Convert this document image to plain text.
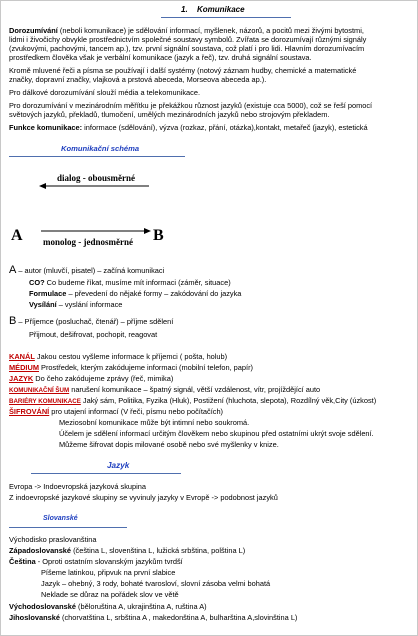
1. Komunikace
Dorozumívání (neboli komunikace) je sdělování informací, myšlenek, názorů, a pocitů mezi živými bytostmi,
lidmi i živočichy obvykle prostřednictvím společné soustavy symbolů. Zvířata se dorozumívají různými signály
(zvukovými, pachovými, tancem ap.), tzv. první signální soustava, což platí i pro lidi. Hlavním dorozumívacím
prostředkem člověka však je verbální komunikace (jazyk a řeč), tzv. druhá signální soustava.
Kromě mluvené řeči a písma se používají i další systémy (notový záznam hudby, chemické a matematické
značky, dopravní značky, vlajková a prstová abeceda, Morseova abeceda ap.).
Pro dálkové dorozumívání slouží média a telekomunikace.
Pro dorozumívání v mezinárodním měřítku je překážkou různost jazyků (existuje cca 5000), což se řeší pomocí
světových jazyků, překladů, tlumočení, umělých mezinárodních jazyků nebo strojovým překladem.
Funkce komunikace: informace (sdělování), výzva (rozkaz, přání, otázka),kontakt, metařeč (jazyk), estetická
Komunikační schéma
dialog - obousměrné
A	B
monolog - jednosměrné
A – autor (mluvčí, pisatel) – začíná komunikaci
CO? Co budeme říkat, musíme mít informaci (záměr, situace)
Formulace – převedení do nějaké formy – zakódování do jazyka
Vysílání – vyslání informace
B – Příjemce (posluchač, čtenář) – příjme sdělení
Přijmout, dešifrovat, pochopit, reagovat
KANÁL Jakou cestou vyšleme informace k příjemci ( pošta, holub)
MÉDIUM Prostředek, kterým zakódujeme informaci (mobilní telefon, papír)
JAZYK Do čeho zakódujeme zprávy (řeč, mimika)
KOMUNIKAČNÍ ŠUM narušení komunikace – špatný signál, větší vzdálenost, vítr, projíždějící auto
BARIÉRY KOMUNIKACE Jaký sám, Politika, Fyzika (Hluk), Postižení (hluchota, slepota), Rozdílný věk,City (úzkost)
ŠIFROVÁNÍ pro utajení informací (V řeči, písmu nebo počítačích)
Meziosobní komunikace může být intimní nebo soukromá.
Účelem je sdělení informací určitým člověkem nebo skupinou před ostatními ukrýt svoje sdělení.
Můžeme šifrovat dopis milované osobě nebo své myšlenky v knize.
Jazyk
Evropa -> Indoevropská jazyková skupina
Z indoevropské jazykové skupiny se vyvinuly jazyky v Evropě -> podobnost jazyků
Slovanské
Východisko praslovanština
Západoslovanské (čeština L, slovenština L, lužická srbština, polština L)
Čeština - Oproti ostatním slovanským jazykům tvrdší
Píšeme latinkou, připvuk na první slabice
Jazyk – ohebný, 3 rody, bohaté tvarosloví, slovní zásoba velmi bohatá
Neklade se důraz na pořádek slov ve větě
Východoslovanské (běloruština A, ukrajinština A, ruština A)
Jihoslovanské (chorvatština L, srbština A , makedonština A, bulharština A,slovinština L)
